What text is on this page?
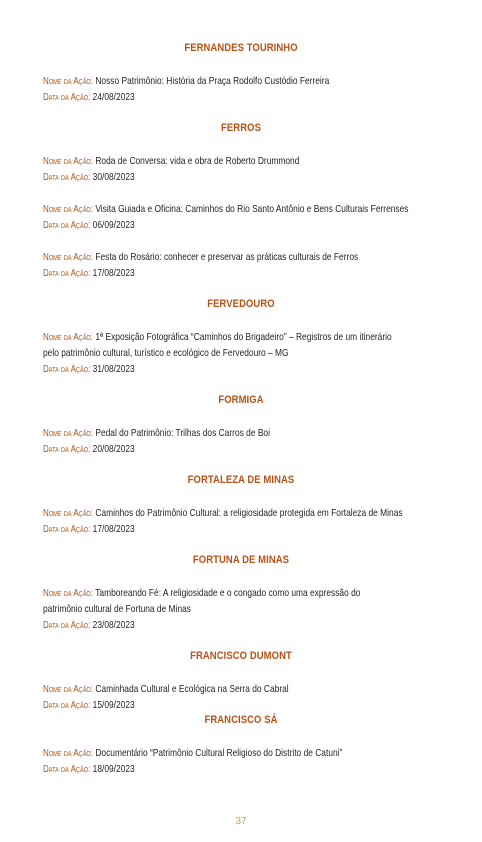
FERNANDES TOURINHO
Nome da Ação: Nosso Patrimônio: História da Praça Rodolfo Custódio Ferreira
Data da Ação: 24/08/2023
FERROS
Nome da Ação: Roda de Conversa: vida e obra de Roberto Drummond
Data da Ação: 30/08/2023
Nome da Ação: Visita Guiada e Oficina: Caminhos do Rio Santo Antônio e Bens Culturais Ferrenses
Data da Ação: 06/09/2023
Nome da Ação: Festa do Rosário: conhecer e preservar as práticas culturais de Ferros
Data da Ação: 17/08/2023
FERVEDOURO
Nome da Ação: 1ª Exposição Fotográfica “Caminhos do Brigadeiro” – Registros de um itinerário
pelo patrimônio cultural, turístico e ecológico de Fervedouro – MG
Data da Ação: 31/08/2023
FORMIGA
Nome da Ação: Pedal do Patrimônio: Trilhas dos Carros de Boi
Data da Ação: 20/08/2023
FORTALEZA DE MINAS
Nome da Ação: Caminhos do Patrimônio Cultural: a religiosidade protegida em Fortaleza de Minas
Data da Ação: 17/08/2023
FORTUNA DE MINAS
Nome da Ação: Tamboreando Fé: A religiosidade e o congado como uma expressão do
patrimônio cultural de Fortuna de Minas
Data da Ação: 23/08/2023
FRANCISCO DUMONT
Nome da Ação: Caminhada Cultural e Ecológica na Serra do Cabral
Data da Ação: 15/09/2023
FRANCISCO SÁ
Nome da Ação: Documentário “Patrimônio Cultural Religioso do Distrito de Catuni”
Data da Ação: 18/09/2023
37
